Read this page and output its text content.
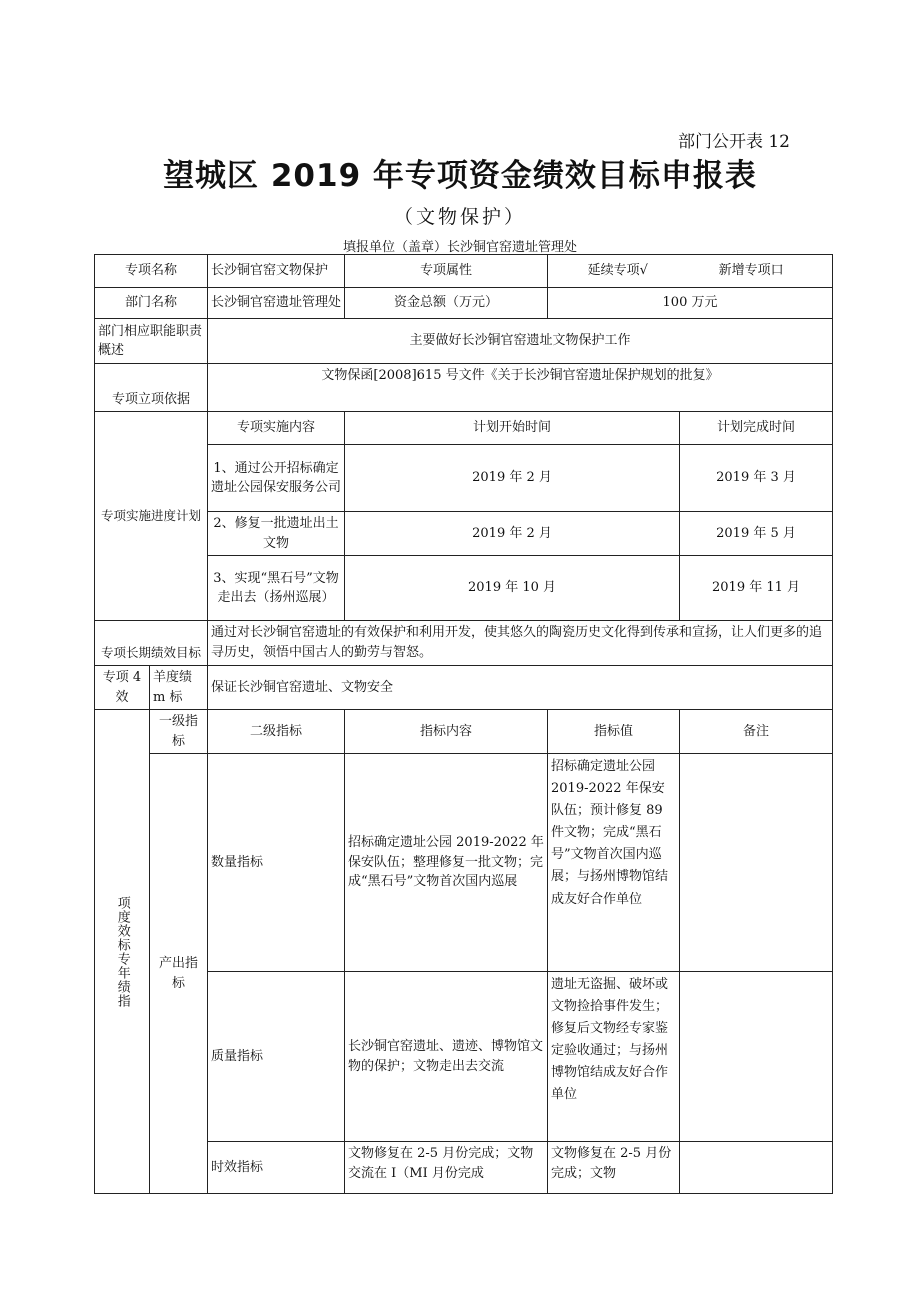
部门公开表 12
望城区 2019 年专项资金绩效目标申报表
（文物保护）
填报单位（盖章）长沙铜官窑遗址管理处
专项名称		长沙铜官窑文物保护	专项属性	延续专项√ 新增专项口	
部门名称		长沙铜官窑遗址管理处	资金总额（万元）	100 万元	
部门相应职能职责概述		主要做好长沙铜官窑遗址文物保护工作			
专项立项依据		文物保函[2008]615 号文件《关于长沙铜官窑遗址保护规划的批复》			
专项实施进度计划		专项实施内容	计划开始时间		计划完成时间
		1、通过公开招标确定遗址公园保安服务公司	2019 年 2 月		2019 年 3 月
		2、修复一批遗址出土文物	2019 年 2 月		2019 年 5 月
		3、实现“黑石号”文物走出去（扬州巡展）	2019 年 10 月		2019 年 11 月
专项长期绩效目标		通过对长沙铜官窑遗址的有效保护和利用开发，使其悠久的陶瓷历史文化得到传承和宣扬，让人们更多的追寻历史，领悟中国古人的勤劳与智怒。			
专项 4 效	羊度绩 m 标	保证长沙铜官窑遗址、文物安全			

项度效标专年绩指	一级指标	二级指标	指标内容	指标值	备注
	产出指标	数量指标	招标确定遗址公园 2019-2022 年保安队伍；整理修复一批文物；完成“黑石号”文物首次国内巡展	招标确定遗址公园 2019-2022 年保安队伍；预计修复 89 件文物；完成“黑石号”文物首次国内巡展；与扬州博物馆结成友好合作单位	
		质量指标	长沙铜官窑遗址、遗迹、博物馆文物的保护；文物走出去交流	遗址无盗掘、破坏或文物捡拾事件发生；修复后文物经专家鉴定验收通过；与扬州博物馆结成友好合作单位	
		时效指标	文物修复在 2-5 月份完成；文物交流在 I（MI 月份完成	文物修复在 2-5 月份完成；文物	
